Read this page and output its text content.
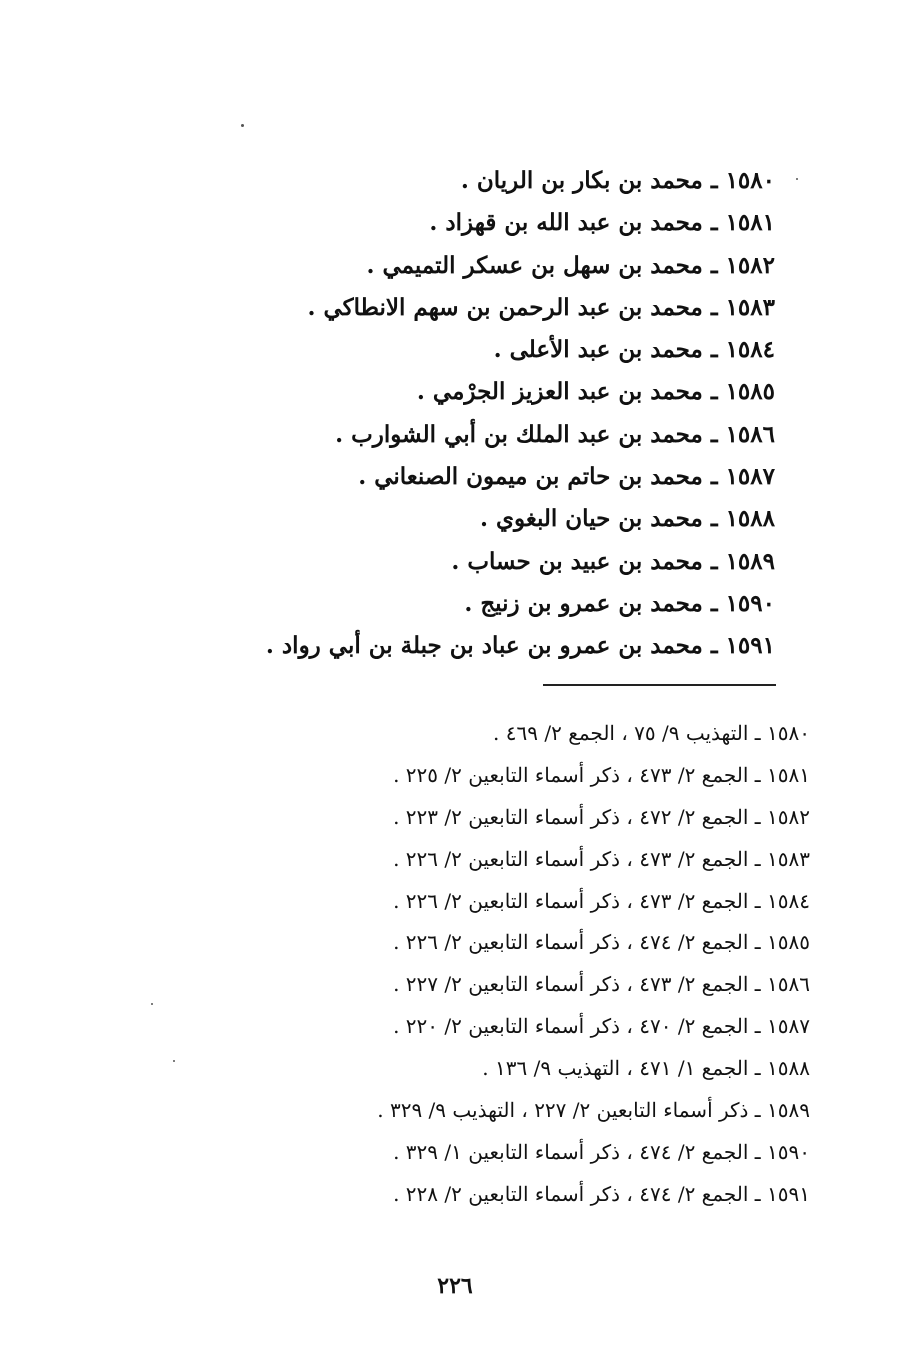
١٥٨٠ ـ محمد بن بكار بن الريان .
١٥٨١ ـ محمد بن عبد الله بن قهزاد .
١٥٨٢ ـ محمد بن سهل بن عسكر التميمي .
١٥٨٣ ـ محمد بن عبد الرحمن بن سهم الانطاكي .
١٥٨٤ ـ محمد بن عبد الأعلى .
١٥٨٥ ـ محمد بن عبد العزيز الجرْمي .
١٥٨٦ ـ محمد بن عبد الملك بن أبي الشوارب .
١٥٨٧ ـ محمد بن حاتم بن ميمون الصنعاني .
١٥٨٨ ـ محمد بن حيان البغوي .
١٥٨٩ ـ محمد بن عبيد بن حساب .
١٥٩٠ ـ محمد بن عمرو بن زنيج .
١٥٩١ ـ محمد بن عمرو بن عباد بن جبلة بن أبي رواد .
١٥٨٠ ـ التهذيب ٩/ ٧٥ ، الجمع ٢/ ٤٦٩ .
١٥٨١ ـ الجمع ٢/ ٤٧٣ ، ذكر أسماء التابعين ٢/ ٢٢٥ .
١٥٨٢ ـ الجمع ٢/ ٤٧٢ ، ذكر أسماء التابعين ٢/ ٢٢٣ .
١٥٨٣ ـ الجمع ٢/ ٤٧٣ ، ذكر أسماء التابعين ٢/ ٢٢٦ .
١٥٨٤ ـ الجمع ٢/ ٤٧٣ ، ذكر أسماء التابعين ٢/ ٢٢٦ .
١٥٨٥ ـ الجمع ٢/ ٤٧٤ ، ذكر أسماء التابعين ٢/ ٢٢٦ .
١٥٨٦ ـ الجمع ٢/ ٤٧٣ ، ذكر أسماء التابعين ٢/ ٢٢٧ .
١٥٨٧ ـ الجمع ٢/ ٤٧٠ ، ذكر أسماء التابعين ٢/ ٢٢٠ .
١٥٨٨ ـ الجمع ١/ ٤٧١ ، التهذيب ٩/ ١٣٦ .
١٥٨٩ ـ ذكر أسماء التابعين ٢/ ٢٢٧ ، التهذيب ٩/ ٣٢٩ .
١٥٩٠ ـ الجمع ٢/ ٤٧٤ ، ذكر أسماء التابعين ١/ ٣٢٩ .
١٥٩١ ـ الجمع ٢/ ٤٧٤ ، ذكر أسماء التابعين ٢/ ٢٢٨ .
٢٢٦
